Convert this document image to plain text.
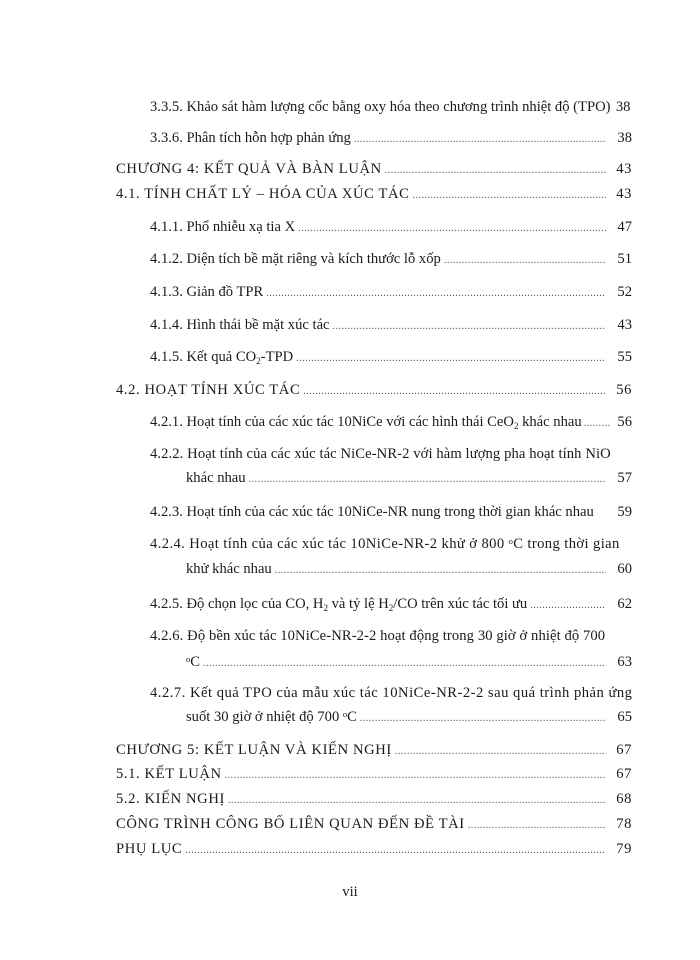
3.3.5. Khảo sát hàm lượng cốc bằng oxy hóa theo chương trình nhiệt độ (TPO) 38
3.3.6. Phân tích hỗn hợp phản ứng .....	38
CHƯƠNG 4: KẾT QUẢ VÀ BÀN LUẬN .....	43
4.1. TÍNH CHẤT LÝ – HÓA CỦA XÚC TÁC .....	43
4.1.1. Phổ nhiễu xạ tia X .....	47
4.1.2. Diện tích bề mặt riêng và kích thước lỗ xốp .....	51
4.1.3. Giản đồ TPR .....	52
4.1.4. Hình thái bề mặt xúc tác .....	43
4.1.5. Kết quả $CO_2$-TPD .....	55
4.2. HOẠT TÍNH XÚC TÁC .....	56
4.2.1. Hoạt tính của các xúc tác 10NiCe với các hình thái CeO$_2$ khác nhau .....	56
4.2.2. Hoạt tính của các xúc tác NiCe-NR-2 với hàm lượng pha hoạt tính NiO
khác nhau .....	57
4.2.3. Hoạt tính của các xúc tác 10NiCe-NR nung trong thời gian khác nhau	59
4.2.4. Hoạt tính của các xúc tác 10NiCe-NR-2 khử ở 800 ᵒC trong thời gian
khử khác nhau .....	60
4.2.5. Độ chọn lọc của CO, $H_2$ và tỷ lệ $H_2/CO$ trên xúc tác tối ưu .....	62
4.2.6. Độ bền xúc tác 10NiCe-NR-2-2 hoạt động trong 30 giờ ở nhiệt độ 700
ᵒC .....	63
4.2.7. Kết quả TPO của mẫu xúc tác 10NiCe-NR-2-2 sau quá trình phản ứng
suốt 30 giờ ở nhiệt độ 700 ᵒC .....	65
CHƯƠNG 5: KẾT LUẬN VÀ KIẾN NGHỊ .....	67
5.1. KẾT LUẬN .....	67
5.2. KIẾN NGHỊ .....	68
CÔNG TRÌNH CÔNG BỐ LIÊN QUAN ĐẾN ĐỀ TÀI .....	78
PHỤ LỤC .....	79
vii
